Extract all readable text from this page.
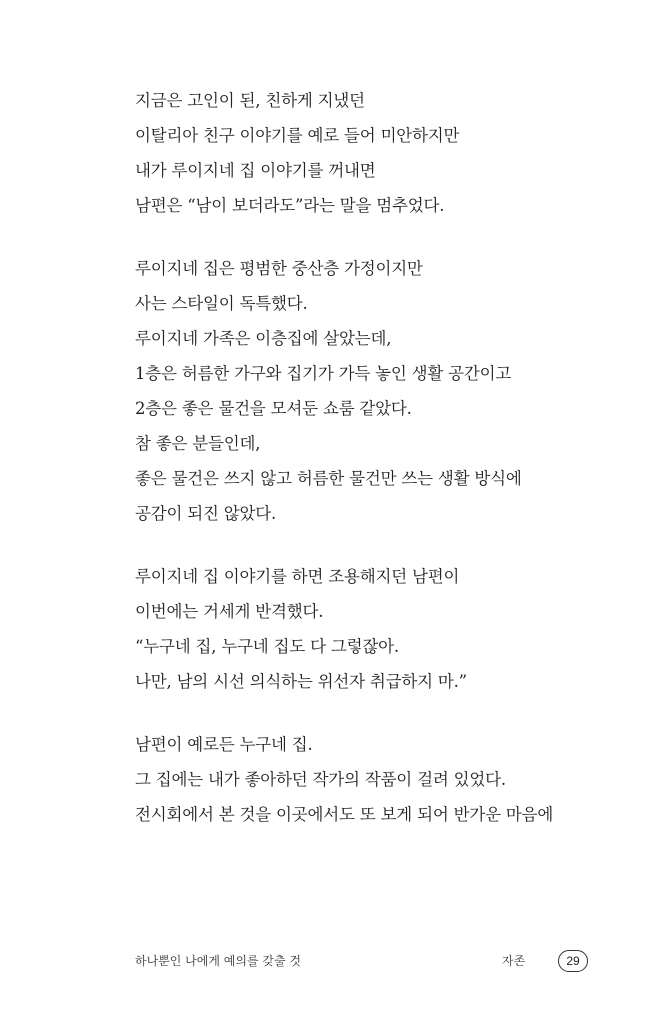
지금은 고인이 된, 친하게 지냈던
이탈리아 친구 이야기를 예로 들어 미안하지만
내가 루이지네 집 이야기를 꺼내면
남편은 “남이 보더라도”라는 말을 멈추었다.
루이지네 집은 평범한 중산층 가정이지만
사는 스타일이 독특했다.
루이지네 가족은 이층집에 살았는데,
1층은 허름한 가구와 집기가 가득 놓인 생활 공간이고
2층은 좋은 물건을 모셔둔 쇼룸 같았다.
참 좋은 분들인데,
좋은 물건은 쓰지 않고 허름한 물건만 쓰는 생활 방식에
공감이 되진 않았다.
루이지네 집 이야기를 하면 조용해지던 남편이
이번에는 거세게 반격했다.
“누구네 집, 누구네 집도 다 그렇잖아.
나만, 남의 시선 의식하는 위선자 취급하지 마.”
남편이 예로든 누구네 집.
그 집에는 내가 좋아하던 작가의 작품이 걸려 있었다.
전시회에서 본 것을 이곳에서도 또 보게 되어 반가운 마음에
하나뿐인 나에게 예의를 갖출 것	자존	29
